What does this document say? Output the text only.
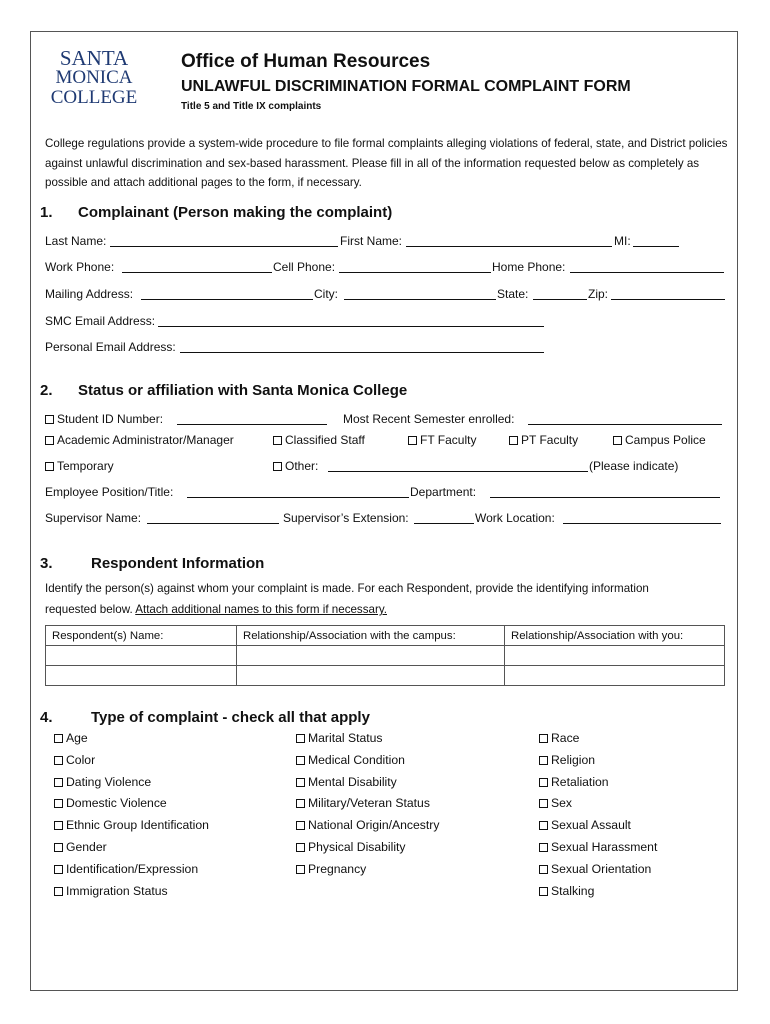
SANTA
MONICA
COLLEGE
Office of Human Resources
UNLAWFUL DISCRIMINATION FORMAL COMPLAINT FORM
Title 5 and Title IX complaints
College regulations provide a system-wide procedure to file formal complaints alleging violations of federal, state, and District policies against unlawful discrimination and sex-based harassment. Please fill in all of the information requested below as completely as possible and attach additional pages to the form, if necessary.
1. Complainant (Person making the complaint)
Last Name:	First Name:	MI:
Work Phone:	Cell Phone:	Home Phone:
Mailing Address:	City:	State:	Zip:
SMC Email Address:
Personal Email Address:
2. Status or affiliation with Santa Monica College
Student ID Number:	Most Recent Semester enrolled:
Academic Administrator/Manager	Classified Staff	FT Faculty	PT Faculty	Campus Police
Temporary	Other:	(Please indicate)
Employee Position/Title:	Department:
Supervisor Name:	Supervisor’s Extension:	Work Location:
3.	Respondent Information
Identify the person(s) against whom your complaint is made. For each Respondent, provide the identifying information
requested below. Attach additional names to this form if necessary.
Respondent(s) Name:	Relationship/Association with the campus:	Relationship/Association with you:

4.	Type of complaint - check all that apply
Age
Color
Dating Violence
Domestic Violence
Ethnic Group Identification
Gender
Identification/Expression
Immigration Status
Marital Status
Medical Condition
Mental Disability
Military/Veteran Status
National Origin/Ancestry
Physical Disability
Pregnancy
Race
Religion
Retaliation
Sex
Sexual Assault
Sexual Harassment
Sexual Orientation
Stalking
